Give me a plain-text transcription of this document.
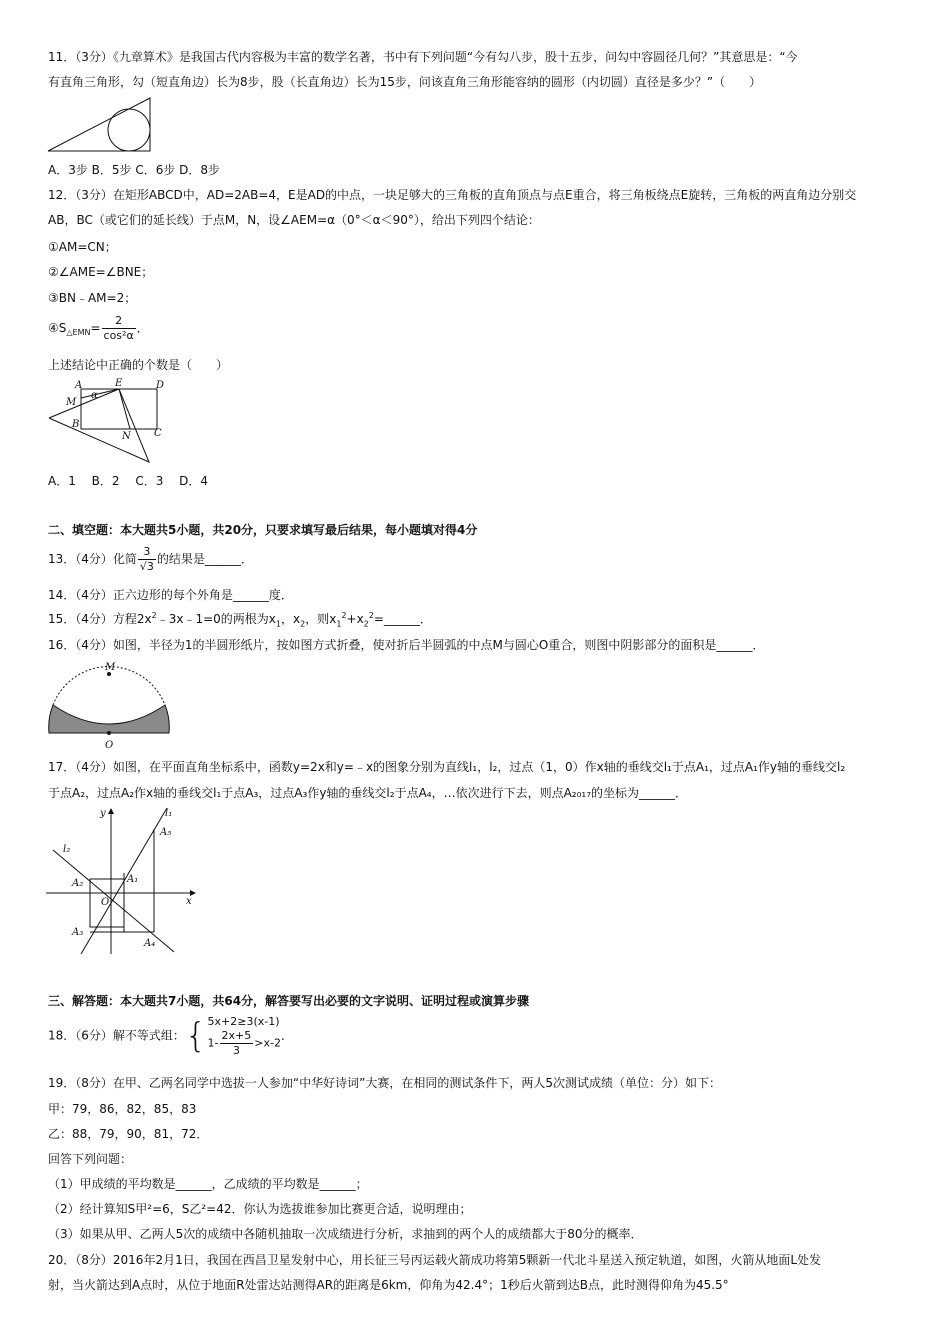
11．（3分）《九章算术》是我国古代内容极为丰富的数学名著，书中有下列问题“今有勾八步，股十五步，问勾中容圆径几何？”其意思是：“今
有直角三角形，勾（短直角边）长为8步，股（长直角边）长为15步，问该直角三角形能容纳的圆形（内切圆）直径是多少？”（　　）
A．3步 B．5步 C．6步 D．8步
12．（3分）在矩形ABCD中，AD=2AB=4，E是AD的中点，一块足够大的三角板的直角顶点与点E重合，将三角板绕点E旋转，三角板的两直角边分别交
AB，BC（或它们的延长线）于点M，N，设∠AEM=α（0°＜α＜90°），给出下列四个结论：
①AM=CN；
②∠AME=∠BNE；
③BN﹣AM=2；
$④S_{\triangle EMN}= \frac{2}{\text{cos²α}}$ ．
上述结论中正确的个数是（　　）
A	E	D
M
α
B
N C
A．1　 B．2　 C．3　 D．4
二、填空题：本大题共5小题，共20分，只要求填写最后结果，每小题填对得4分
13．（4分）化简 $\frac{3}{√3}$ 的结果是______．
14．（4分）正六边形的每个外角是______度．
15．（4分）方程$2x^2﹣3x﹣1=0$的两根为$x_1$，$x_2$，则$x_1^2+x_2^2=\_\_\_\_\_\_$．
16．（4分）如图，半径为1的半圆形纸片，按如图方式折叠，使对折后半圆弧的中点M与圆心O重合，则图中阴影部分的面积是______．
M
O
17．（4分）如图，在平面直角坐标系中，函数y=2x和y=﹣x的图象分别为直线l₁，l₂，过点（1，0）作x轴的垂线交l₁于点A₁，过点A₁作y轴的垂线交l₂
于点A₂，过点A₂作x轴的垂线交l₁于点A₃，过点A₃作y轴的垂线交l₂于点A₄，…依次进行下去，则点A₂₀₁₇的坐标为______．
y
x
O
l₁
l₂
A₁
A₂
A₃
A₄
A₅
三、解答题：本大题共7小题，共64分，解答要写出必要的文字说明、证明过程或演算步骤
18．（6分）解不等式组：{ 5x+2≥3(x-1)
$1- \frac{2x+5}{3} >x-2$ ．
19．（8分）在甲、乙两名同学中选拔一人参加“中华好诗词”大赛，在相同的测试条件下，两人5次测试成绩（单位：分）如下：
甲：79，86，82，85，83
乙：88，79，90，81，72．
回答下列问题：
（1）甲成绩的平均数是______，乙成绩的平均数是______；
（2）经计算知S甲²=6，S乙²=42．你认为选拔谁参加比赛更合适，说明理由；
（3）如果从甲、乙两人5次的成绩中各随机抽取一次成绩进行分析，求抽到的两个人的成绩都大于80分的概率．
20．（8分）2016年2月1日，我国在西昌卫星发射中心，用长征三号丙运载火箭成功将第5颗新一代北斗星送入预定轨道，如图，火箭从地面L处发
射，当火箭达到A点时，从位于地面R处雷达站测得AR的距离是6km，仰角为42.4°；1秒后火箭到达B点，此时测得仰角为45.5°
